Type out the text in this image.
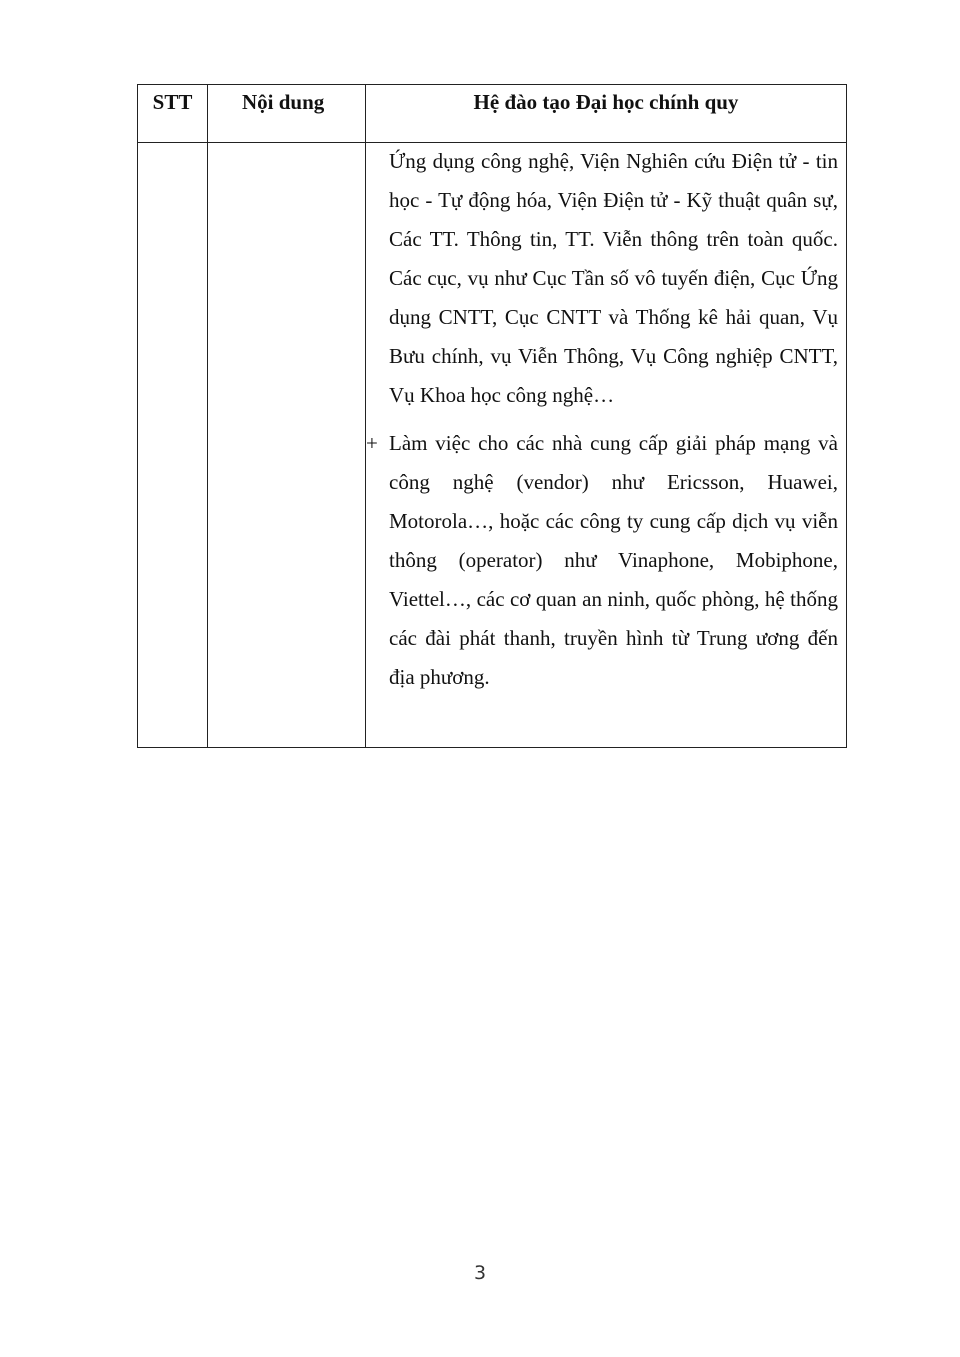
STT	Nội dung	Hệ đào tạo Đại học chính quy

		Ứng dụng công nghệ, Viện Nghiên cứu Điện tử - tin học - Tự động hóa, Viện Điện tử - Kỹ thuật quân sự, Các TT. Thông tin, TT. Viễn thông trên toàn quốc. Các cục, vụ như Cục Tần số vô tuyến điện, Cục Ứng dụng CNTT, Cục CNTT và Thống kê hải quan, Vụ Bưu chính, vụ Viễn Thông, Vụ Công nghiệp CNTT, Vụ Khoa học công nghệ…

+ Làm việc cho các nhà cung cấp giải pháp mạng và công nghệ (vendor) như Ericsson, Huawei, Motorola…, hoặc các công ty cung cấp dịch vụ viễn thông (operator) như Vinaphone, Mobiphone, Viettel…, các cơ quan an ninh, quốc phòng, hệ thống các đài phát thanh, truyền hình từ Trung ương đến địa phương.
3
